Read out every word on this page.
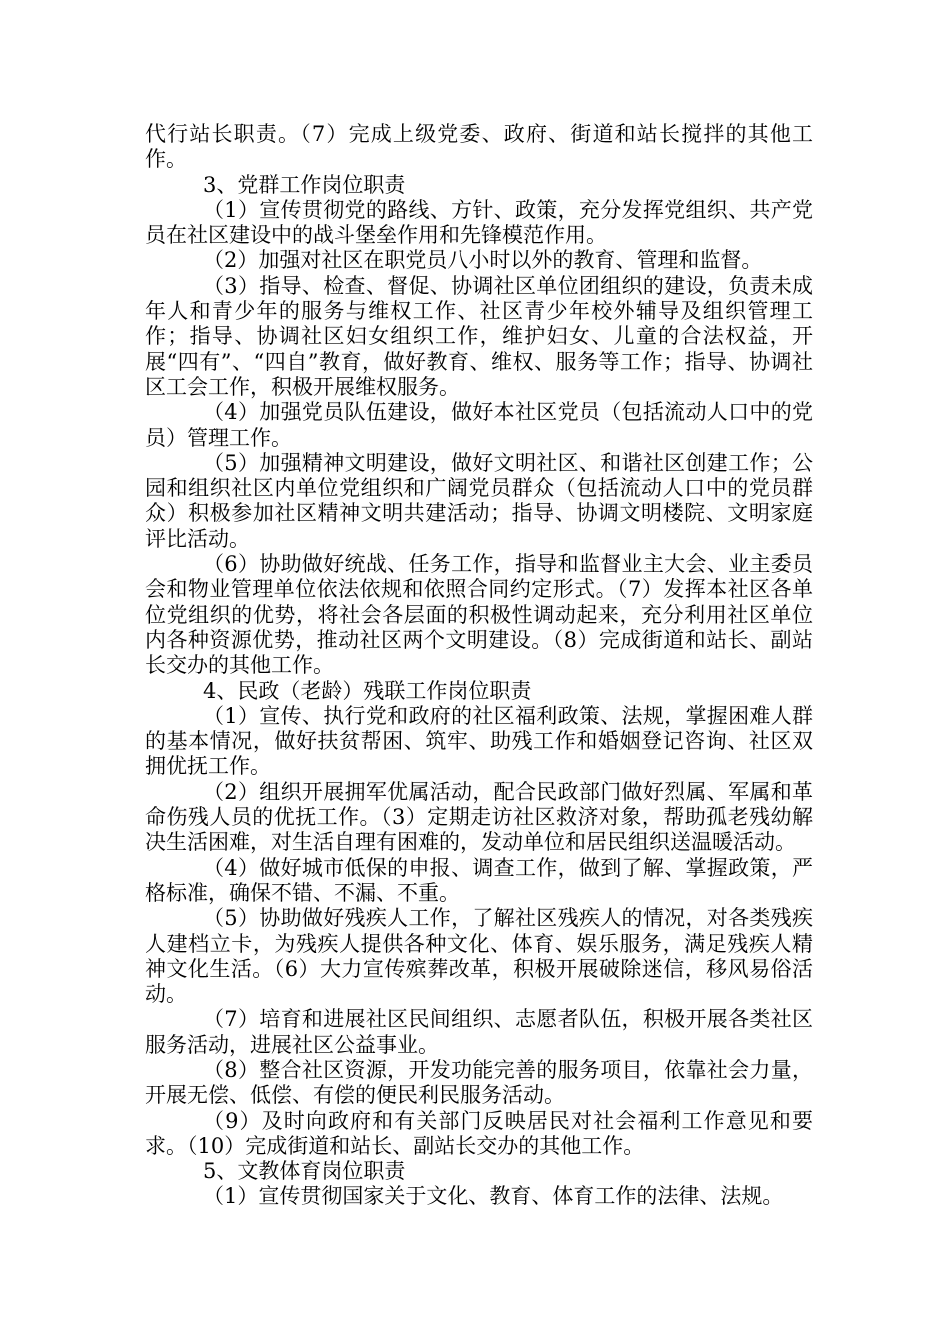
代行站长职责。（7）完成上级党委、政府、街道和站长搅拌的其他工作。

3、党群工作岗位职责

（1）宣传贯彻党的路线、方针、政策，充分发挥党组织、共产党员在社区建设中的战斗堡垒作用和先锋模范作用。

（2）加强对社区在职党员八小时以外的教育、管理和监督。

（3）指导、检查、督促、协调社区单位团组织的建设，负责未成年人和青少年的服务与维权工作、社区青少年校外辅导及组织管理工作；指导、协调社区妇女组织工作，维护妇女、儿童的合法权益，开展“四有”、“四自”教育，做好教育、维权、服务等工作；指导、协调社区工会工作，积极开展维权服务。

（4）加强党员队伍建设，做好本社区党员（包括流动人口中的党员）管理工作。

（5）加强精神文明建设，做好文明社区、和谐社区创建工作；公园和组织社区内单位党组织和广阔党员群众（包括流动人口中的党员群众）积极参加社区精神文明共建活动；指导、协调文明楼院、文明家庭评比活动。

（6）协助做好统战、任务工作，指导和监督业主大会、业主委员会和物业管理单位依法依规和依照合同约定形式。（7）发挥本社区各单位党组织的优势，将社会各层面的积极性调动起来，充分利用社区单位内各种资源优势，推动社区两个文明建设。（8）完成街道和站长、副站长交办的其他工作。

4、民政（老龄）残联工作岗位职责

（1）宣传、执行党和政府的社区福利政策、法规，掌握困难人群的基本情况，做好扶贫帮困、筑牢、助残工作和婚姻登记咨询、社区双拥优抚工作。

（2）组织开展拥军优属活动，配合民政部门做好烈属、军属和革命伤残人员的优抚工作。（3）定期走访社区救济对象，帮助孤老残幼解决生活困难，对生活自理有困难的，发动单位和居民组织送温暖活动。

（4）做好城市低保的申报、调查工作，做到了解、掌握政策，严格标准，确保不错、不漏、不重。

（5）协助做好残疾人工作，了解社区残疾人的情况，对各类残疾人建档立卡，为残疾人提供各种文化、体育、娱乐服务，满足残疾人精神文化生活。（6）大力宣传殡葬改革，积极开展破除迷信，移风易俗活动。

（7）培育和进展社区民间组织、志愿者队伍，积极开展各类社区服务活动，进展社区公益事业。

（8）整合社区资源，开发功能完善的服务项目，依靠社会力量，开展无偿、低偿、有偿的便民利民服务活动。

（9）及时向政府和有关部门反映居民对社会福利工作意见和要求。（10）完成街道和站长、副站长交办的其他工作。

5、文教体育岗位职责

（1）宣传贯彻国家关于文化、教育、体育工作的法律、法规。
